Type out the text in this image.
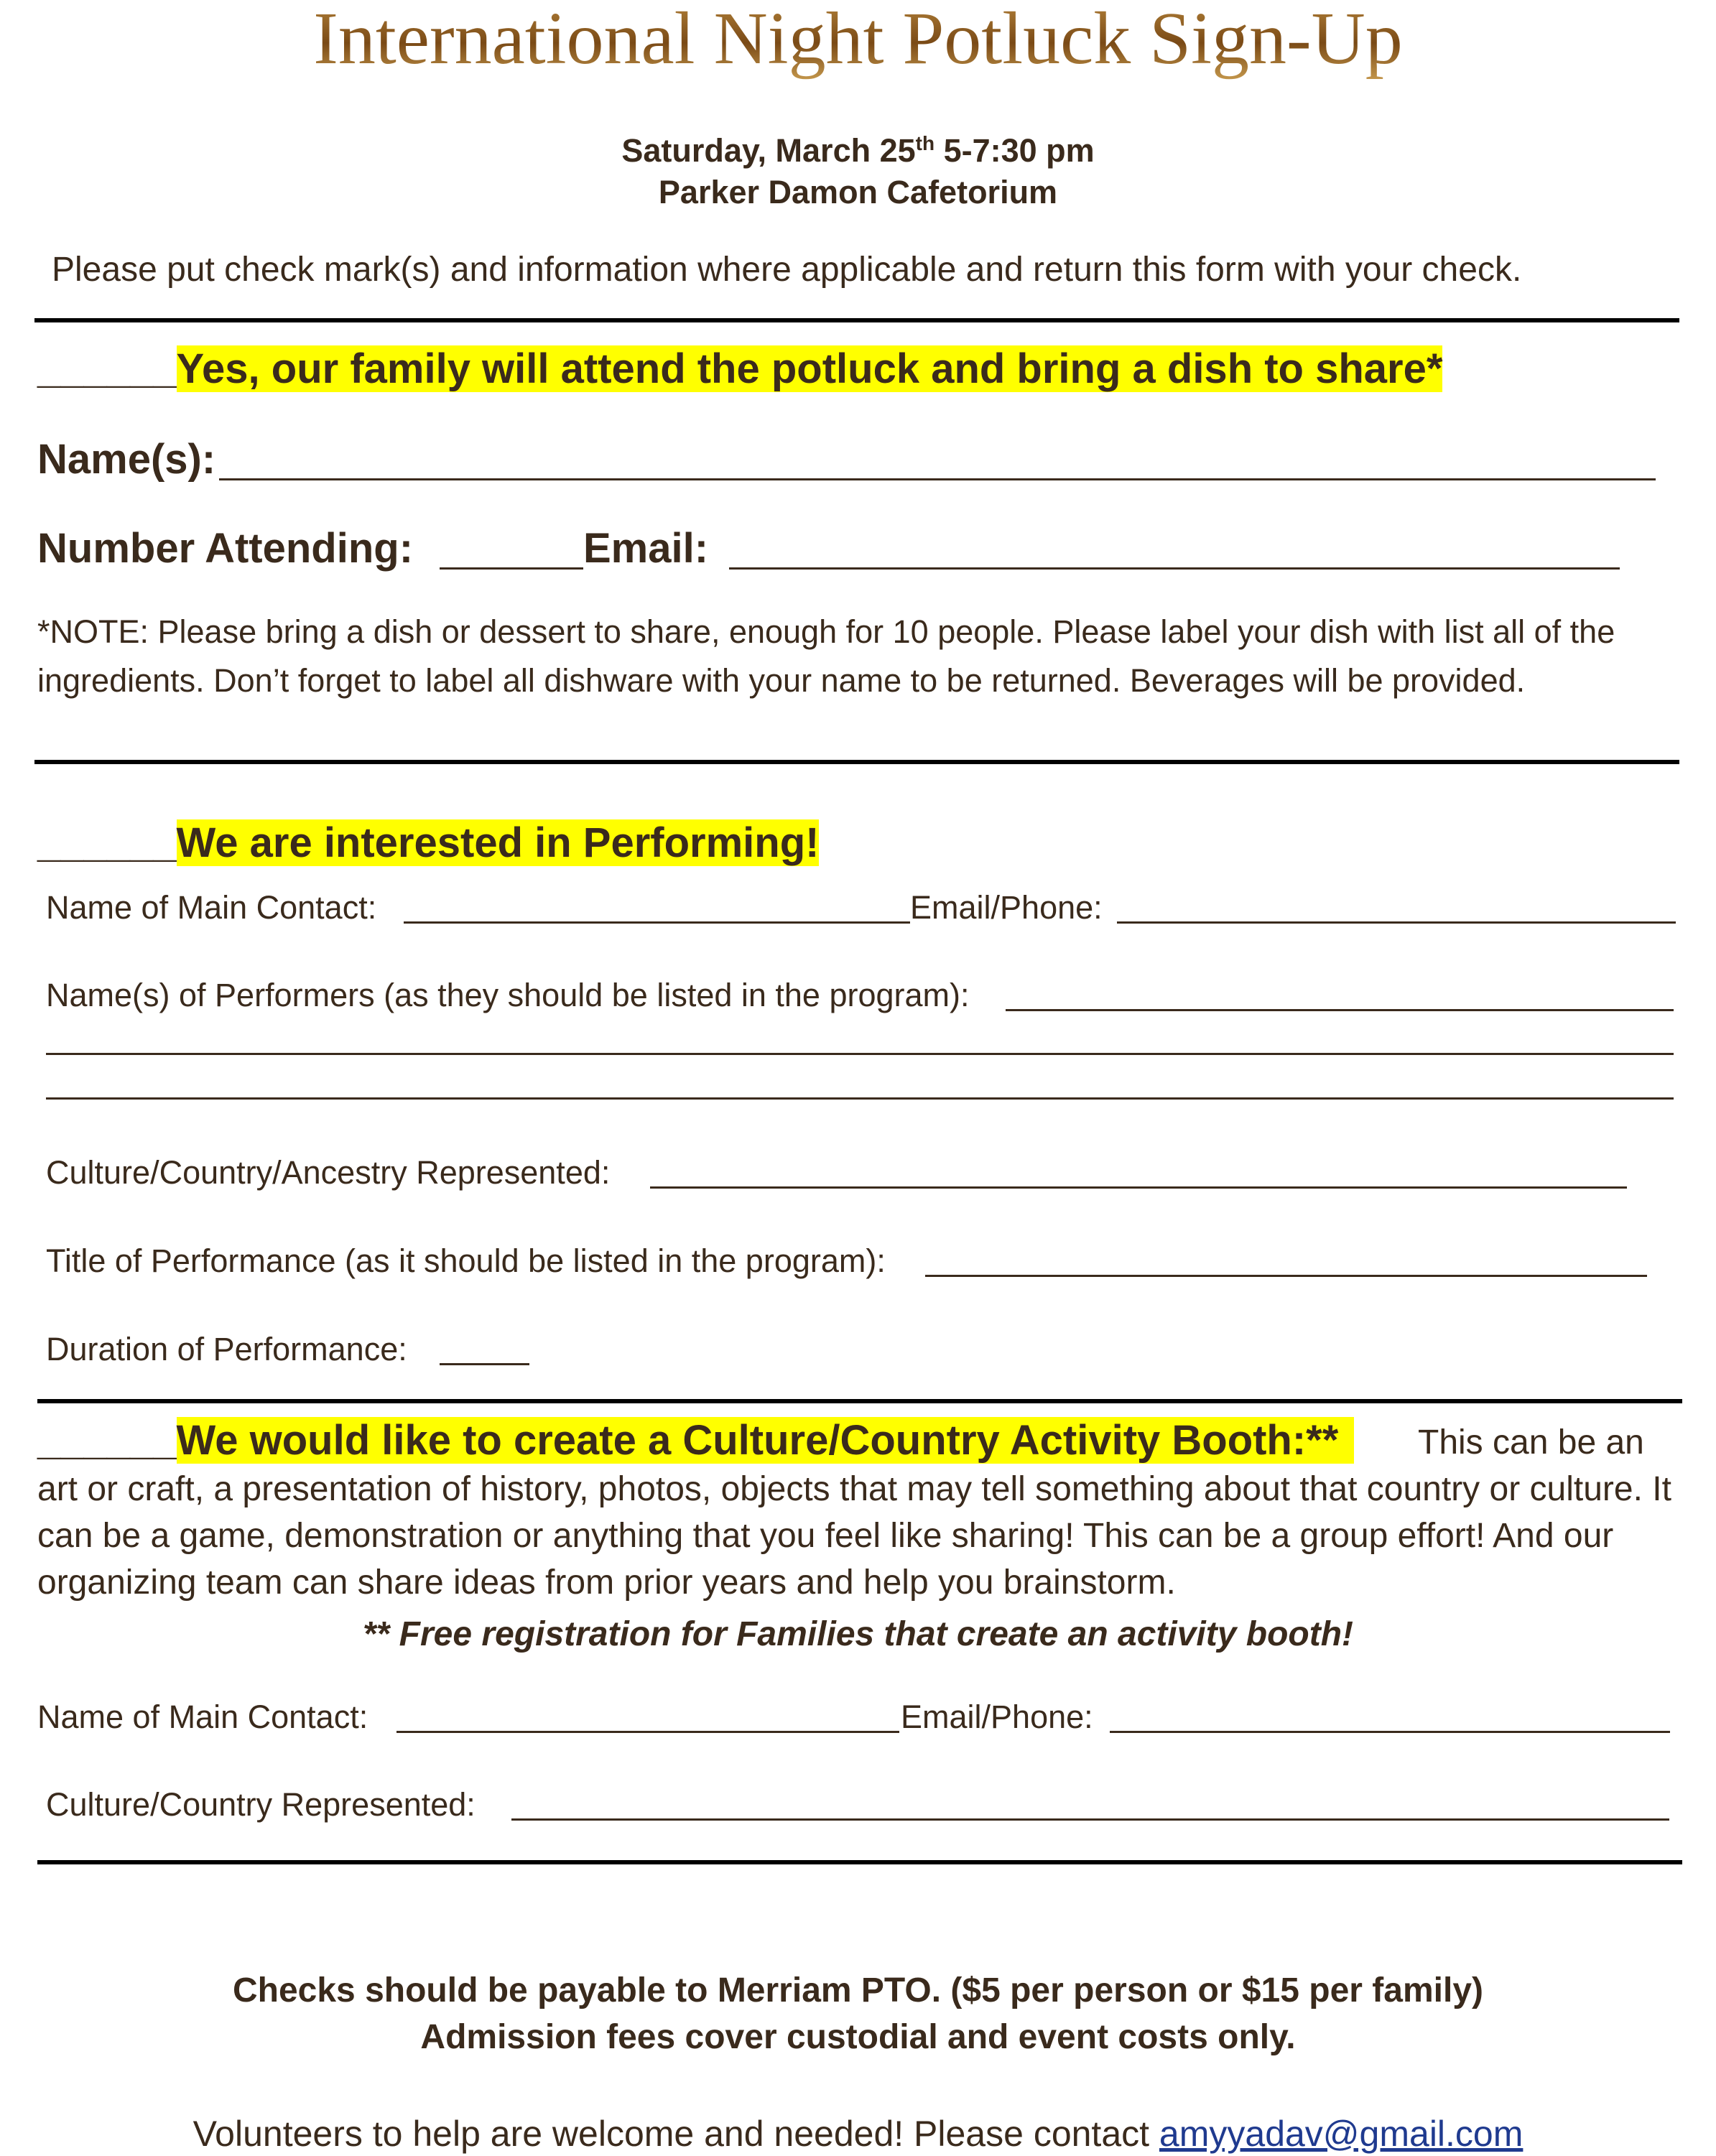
International Night Potluck Sign-Up
Saturday, March 25th 5-7:30 pm
Parker Damon Cafetorium
Please put check mark(s) and information where applicable and return this form with your check.
______Yes, our family will attend the potluck and bring a dish to share*
Name(s):
Number Attending:	Email:
*NOTE: Please bring a dish or dessert to share, enough for 10 people. Please label your dish with list all of the
ingredients. Don’t forget to label all dishware with your name to be returned. Beverages will be provided.
______We are interested in Performing!
Name of Main Contact:	Email/Phone:
Name(s) of Performers (as they should be listed in the program):
Culture/Country/Ancestry Represented:
Title of Performance (as it should be listed in the program):
Duration of Performance:
______We would like to create a Culture/Country Activity Booth:**	This can be an art or craft, a presentation of history, photos, objects that may tell something about that country or culture. It can be a game, demonstration or anything that you feel like sharing! This can be a group effort! And our organizing team can share ideas from prior years and help you brainstorm.
** Free registration for Families that create an activity booth!
Name of Main Contact:	Email/Phone:
Culture/Country Represented:
Checks should be payable to Merriam PTO. ($5 per person or $15 per family)
Admission fees cover custodial and event costs only.
Volunteers to help are welcome and needed! Please contact amyyadav@gmail.com
